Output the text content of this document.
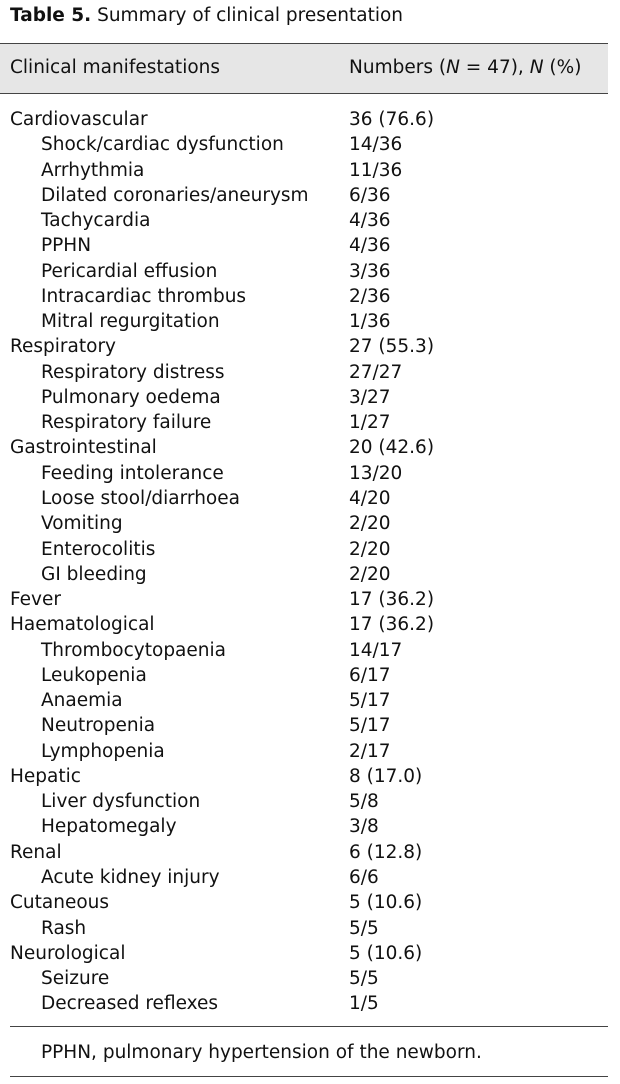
Table 5. Summary of clinical presentation
Clinical manifestations	Numbers (N = 47), N (%)
Cardiovascular	36 (76.6)
Shock/cardiac dysfunction	14/36
Arrhythmia	11/36
Dilated coronaries/aneurysm 6/36
Tachycardia	4/36
PPHN	4/36
Pericardial effusion	3/36
Intracardiac thrombus	2/36
Mitral regurgitation	1/36
Respiratory	27 (55.3)
Respiratory distress	27/27
Pulmonary oedema	3/27
Respiratory failure	1/27
Gastrointestinal	20 (42.6)
Feeding intolerance	13/20
Loose stool/diarrhoea	4/20
Vomiting	2/20
Enterocolitis	2/20
GI bleeding	2/20
Fever	17 (36.2)
Haematological	17 (36.2)
Thrombocytopaenia	14/17
Leukopenia	6/17
Anaemia	5/17
Neutropenia	5/17
Lymphopenia	2/17
Hepatic	8 (17.0)
Liver dysfunction	5/8
Hepatomegaly	3/8
Renal	6 (12.8)
Acute kidney injury	6/6
Cutaneous	5 (10.6)
Rash	5/5
Neurological	5 (10.6)
Seizure	5/5
Decreased reflexes	1/5
PPHN, pulmonary hypertension of the newborn.
